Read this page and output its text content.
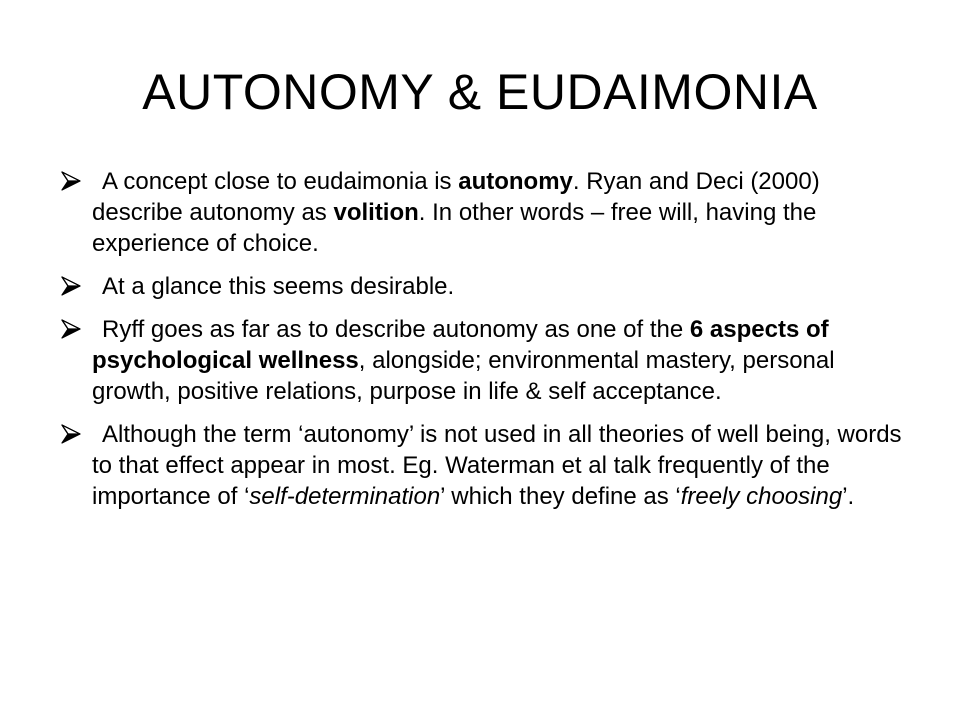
AUTONOMY & EUDAIMONIA
A concept close to eudaimonia is autonomy. Ryan and Deci (2000) describe autonomy as volition. In other words – free will, having the experience of choice.
At a glance this seems desirable.
Ryff goes as far as to describe autonomy as one of the 6 aspects of psychological wellness, alongside; environmental mastery, personal growth, positive relations, purpose in life & self acceptance.
Although the term ‘autonomy’ is not used in all theories of well being, words to that effect appear in most. Eg. Waterman et al talk frequently of the importance of ‘self-determination’ which they define as ‘freely choosing’.
